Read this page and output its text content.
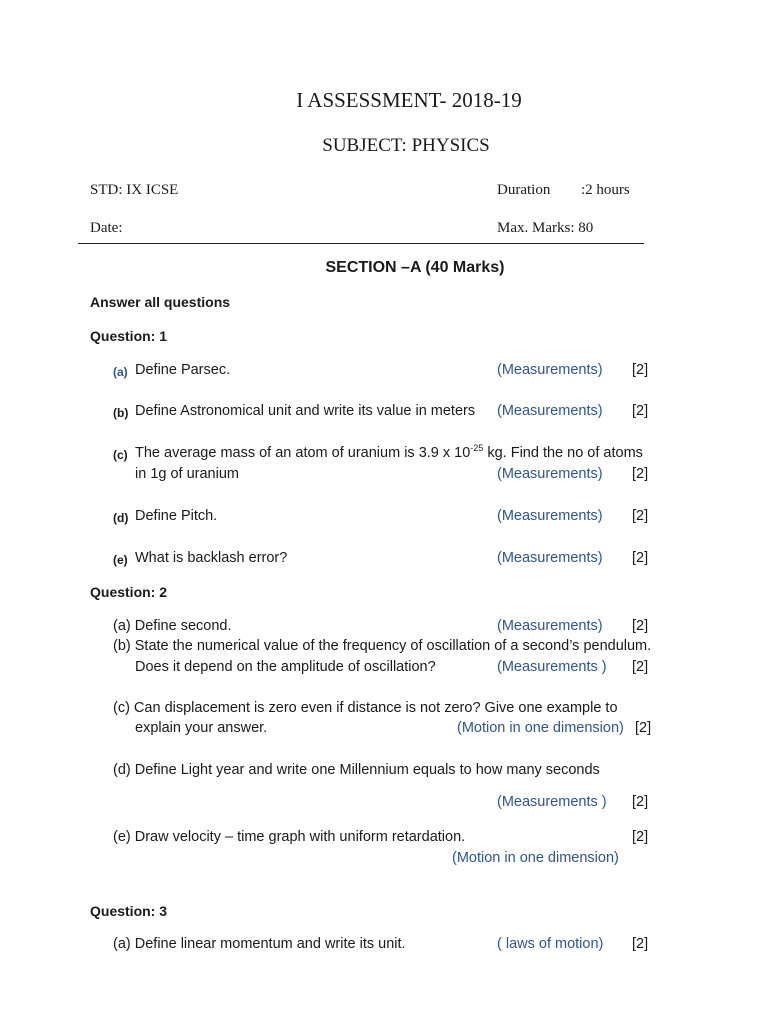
I ASSESSMENT- 2018-19
SUBJECT: PHYSICS
STD: IX ICSE	Duration :2 hours
Date:	Max. Marks: 80
SECTION –A (40 Marks)
Answer all questions
Question: 1
(a) Define Parsec.	(Measurements) [2]
(b) Define Astronomical unit and write its value in meters (Measurements) [2]
(c) The average mass of an atom of uranium is 3.9 x $10^{-25}$ kg. Find the no of atoms
in 1g of uranium	(Measurements) [2]
(d) Define Pitch.	(Measurements) [2]
(e) What is backlash error?	(Measurements) [2]
Question: 2
(a) Define second.	(Measurements) [2]
(b) State the numerical value of the frequency of oscillation of a second’s pendulum.
Does it depend on the amplitude of oscillation?	(Measurements ) [2]
(c) Can displacement is zero even if distance is not zero? Give one example to
explain your answer.	(Motion in one dimension) [2]
(d) Define Light year and write one Millennium equals to how many seconds
(Measurements ) [2]
(e) Draw velocity – time graph with uniform retardation.	[2]
(Motion in one dimension)
Question: 3
(a) Define linear momentum and write its unit.	( laws of motion) [2]
